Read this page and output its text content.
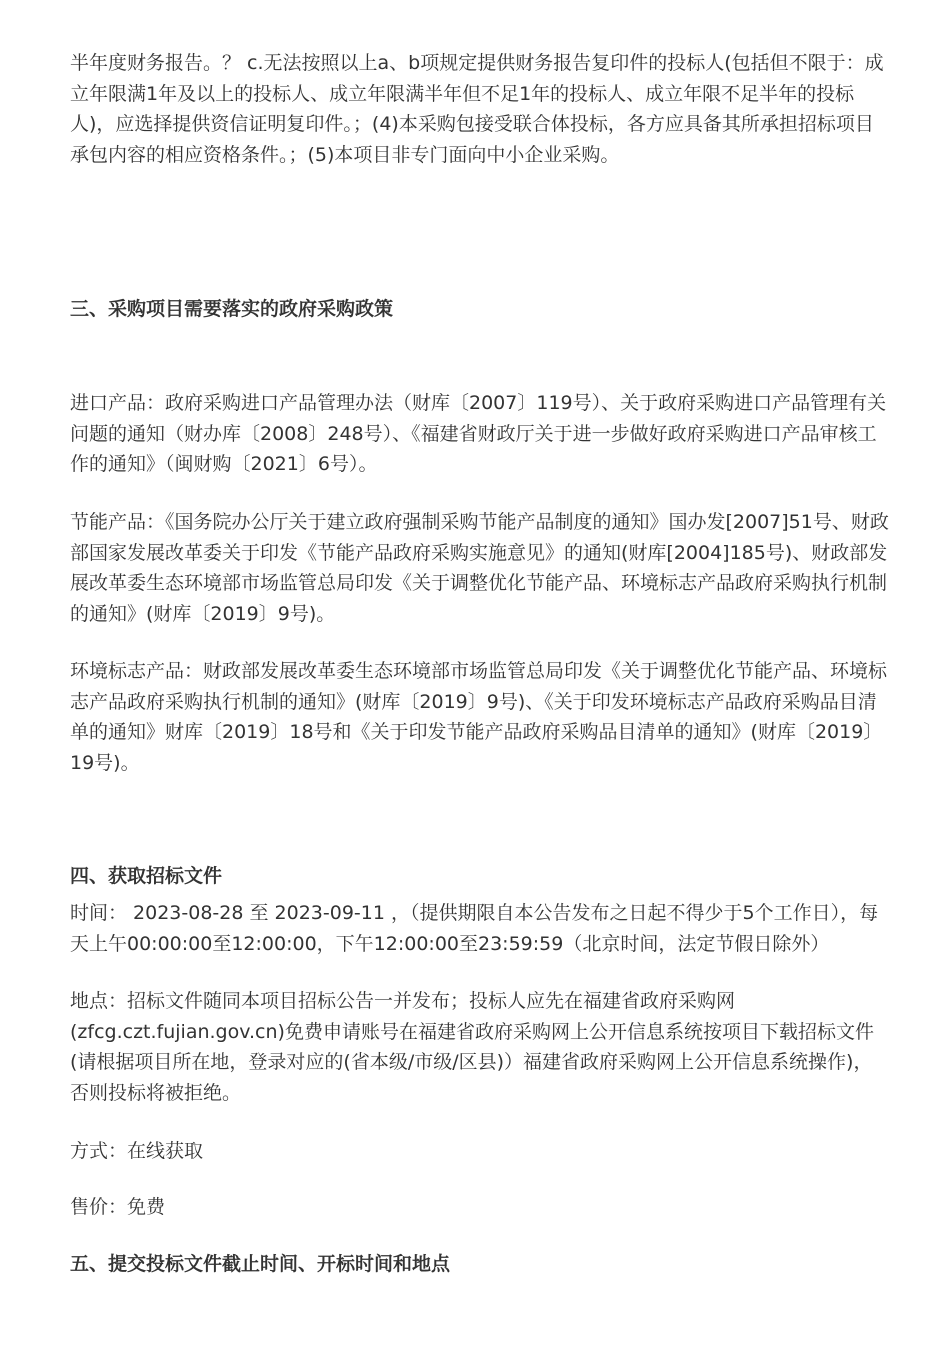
半年度财务报告。？ c.无法按照以上a、b项规定提供财务报告复印件的投标人(包括但不限于：成立年限满1年及以上的投标人、成立年限满半年但不足1年的投标人、成立年限不足半年的投标人)，应选择提供资信证明复印件。；(4)本采购包接受联合体投标，各方应具备其所承担招标项目承包内容的相应资格条件。；(5)本项目非专门面向中小企业采购。

三、采购项目需要落实的政府采购政策

进口产品：政府采购进口产品管理办法（财库〔2007〕119号）、关于政府采购进口产品管理有关问题的通知（财办库〔2008〕248号）、《福建省财政厅关于进一步做好政府采购进口产品审核工作的通知》（闽财购〔2021〕6号）。

节能产品：《国务院办公厅关于建立政府强制采购节能产品制度的通知》国办发[2007]51号、财政部国家发展改革委关于印发《节能产品政府采购实施意见》的通知(财库[2004]185号)、财政部发展改革委生态环境部市场监管总局印发《关于调整优化节能产品、环境标志产品政府采购执行机制的通知》(财库〔2019〕9号)。

环境标志产品：财政部发展改革委生态环境部市场监管总局印发《关于调整优化节能产品、环境标志产品政府采购执行机制的通知》(财库〔2019〕9号)、《关于印发环境标志产品政府采购品目清单的通知》财库〔2019〕18号和《关于印发节能产品政府采购品目清单的通知》(财库〔2019〕19号)。

四、获取招标文件

时间： 2023-08-28 至 2023-09-11 ，（提供期限自本公告发布之日起不得少于5个工作日），每天上午00:00:00至12:00:00，下午12:00:00至23:59:59（北京时间，法定节假日除外）

地点：招标文件随同本项目招标公告一并发布；投标人应先在福建省政府采购网(zfcg.czt.fujian.gov.cn)免费申请账号在福建省政府采购网上公开信息系统按项目下载招标文件(请根据项目所在地，登录对应的(省本级/市级/区县)）福建省政府采购网上公开信息系统操作)，否则投标将被拒绝。

方式：在线获取

售价：免费

五、提交投标文件截止时间、开标时间和地点
